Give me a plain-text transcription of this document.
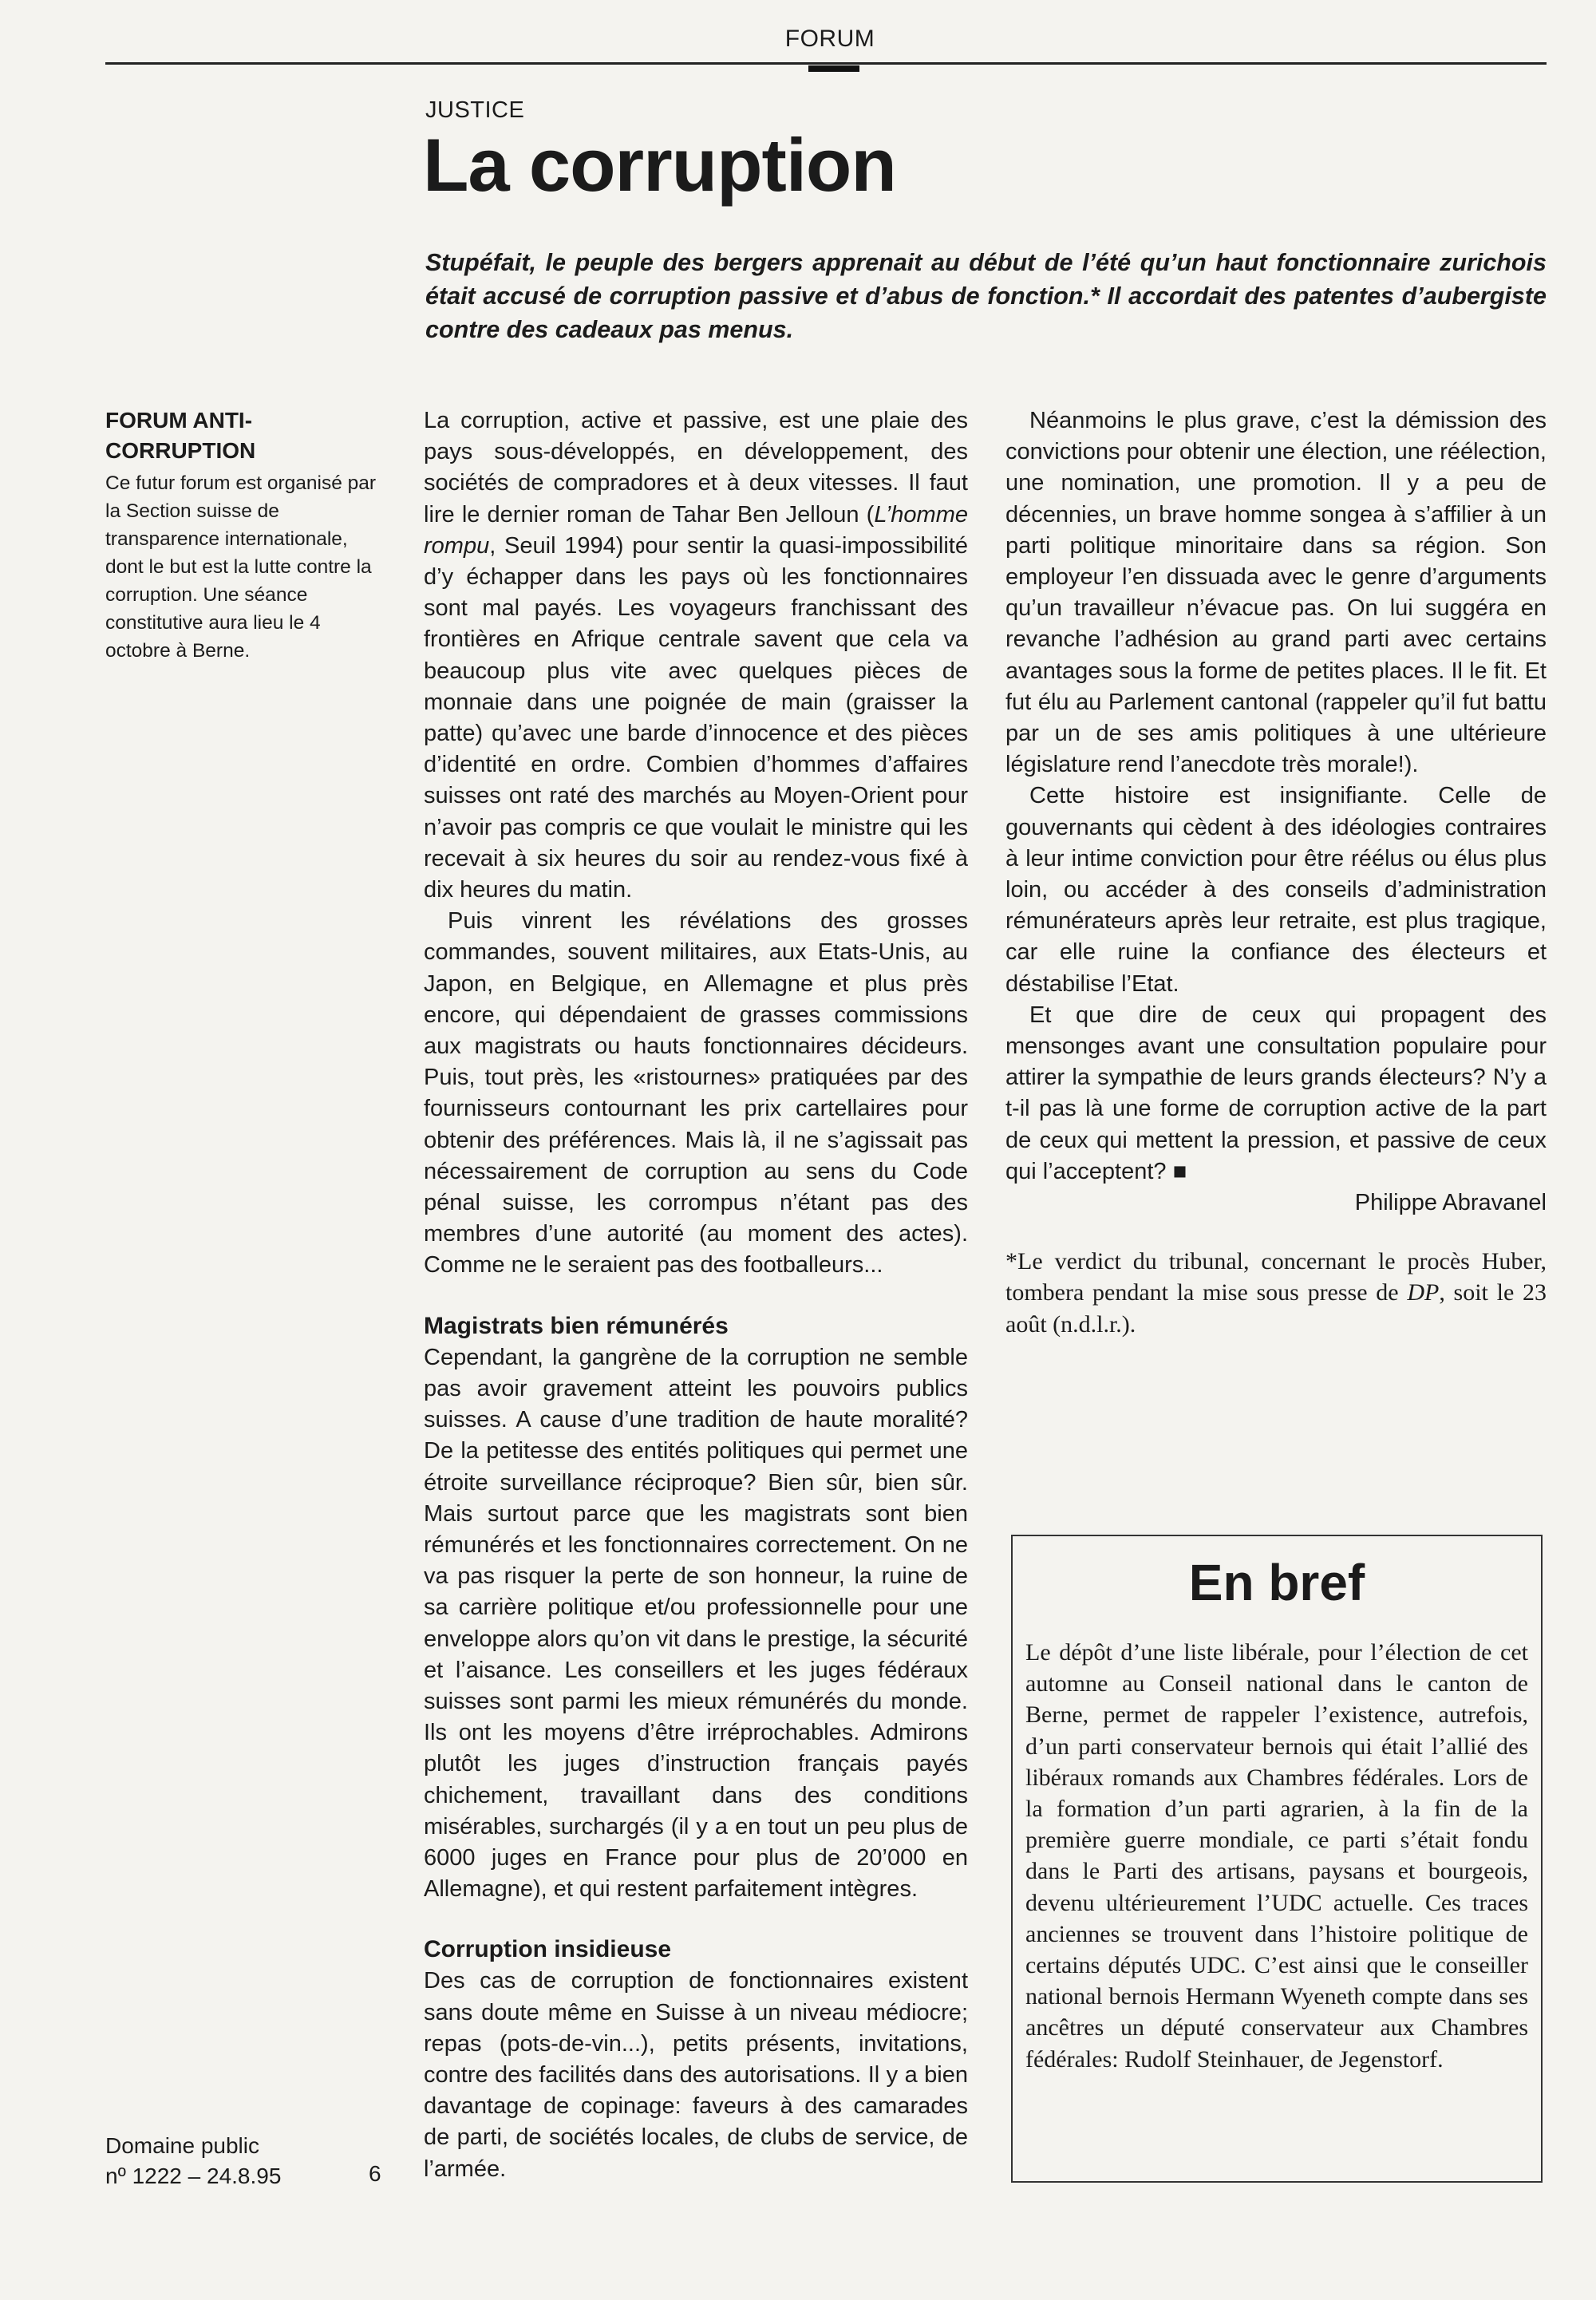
FORUM
JUSTICE
La corruption

Stupéfait, le peuple des bergers apprenait au début de l’été qu’un haut fonctionnaire zurichois était accusé de corruption passive et d’abus de fonction.* Il accordait des patentes d’aubergiste contre des cadeaux pas menus.

FORUM ANTI-CORRUPTION

Ce futur forum est organisé par la Section suisse de transparence internationale, dont le but est la lutte contre la corruption. Une séance constitutive aura lieu le 4 octobre à Berne.

La corruption, active et passive, est une plaie des pays sous-développés, en développement, des sociétés de compradores et à deux vitesses. Il faut lire le dernier roman de Tahar Ben Jelloun (L’homme rompu, Seuil 1994) pour sentir la quasi-impossibilité d’y échapper dans les pays où les fonctionnaires sont mal payés. Les voyageurs franchissant des frontières en Afrique centrale savent que cela va beaucoup plus vite avec quelques pièces de monnaie dans une poignée de main (graisser la patte) qu’avec une barde d’innocence et des pièces d’identité en ordre. Combien d’hommes d’affaires suisses ont raté des marchés au Moyen-Orient pour n’avoir pas compris ce que voulait le ministre qui les recevait à six heures du soir au rendez-vous fixé à dix heures du matin.

Puis vinrent les révélations des grosses commandes, souvent militaires, aux Etats-Unis, au Japon, en Belgique, en Allemagne et plus près encore, qui dépendaient de grasses commissions aux magistrats ou hauts fonctionnaires décideurs. Puis, tout près, les «ristournes» pratiquées par des fournisseurs contournant les prix cartellaires pour obtenir des préférences. Mais là, il ne s’agissait pas nécessairement de corruption au sens du Code pénal suisse, les corrompus n’étant pas des membres d’une autorité (au moment des actes). Comme ne le seraient pas des footballeurs...

Magistrats bien rémunérés

Cependant, la gangrène de la corruption ne semble pas avoir gravement atteint les pouvoirs publics suisses. A cause d’une tradition de haute moralité? De la petitesse des entités politiques qui permet une étroite surveillance réciproque? Bien sûr, bien sûr. Mais surtout parce que les magistrats sont bien rémunérés et les fonctionnaires correctement. On ne va pas risquer la perte de son honneur, la ruine de sa carrière politique et/ou professionnelle pour une enveloppe alors qu’on vit dans le prestige, la sécurité et l’aisance. Les conseillers et les juges fédéraux suisses sont parmi les mieux rémunérés du monde. Ils ont les moyens d’être irréprochables. Admirons plutôt les juges d’instruction français payés chichement, travaillant dans des conditions misérables, surchargés (il y a en tout un peu plus de 6000 juges en France pour plus de 20’000 en Allemagne), et qui restent parfaitement intègres.

Corruption insidieuse

Des cas de corruption de fonctionnaires existent sans doute même en Suisse à un niveau médiocre; repas (pots-de-vin...), petits présents, invitations, contre des facilités dans des autorisations. Il y a bien davantage de copinage: faveurs à des camarades de parti, de sociétés locales, de clubs de service, de l’armée.

Néanmoins le plus grave, c’est la démission des convictions pour obtenir une élection, une réélection, une nomination, une promotion. Il y a peu de décennies, un brave homme songea à s’affilier à un parti politique minoritaire dans sa région. Son employeur l’en dissuada avec le genre d’arguments qu’un travailleur n’évacue pas. On lui suggéra en revanche l’adhésion au grand parti avec certains avantages sous la forme de petites places. Il le fit. Et fut élu au Parlement cantonal (rappeler qu’il fut battu par un de ses amis politiques à une ultérieure législature rend l’anecdote très morale!).

Cette histoire est insignifiante. Celle de gouvernants qui cèdent à des idéologies contraires à leur intime conviction pour être réélus ou élus plus loin, ou accéder à des conseils d’administration rémunérateurs après leur retraite, est plus tragique, car elle ruine la confiance des électeurs et déstabilise l’Etat.

Et que dire de ceux qui propagent des mensonges avant une consultation populaire pour attirer la sympathie de leurs grands électeurs? N’y a t-il pas là une forme de corruption active de la part de ceux qui mettent la pression, et passive de ceux qui l’acceptent? ■

Philippe Abravanel

*Le verdict du tribunal, concernant le procès Huber, tombera pendant la mise sous presse de DP, soit le 23 août (n.d.l.r.).

En bref

Le dépôt d’une liste libérale, pour l’élection de cet automne au Conseil national dans le canton de Berne, permet de rappeler l’existence, autrefois, d’un parti conservateur bernois qui était l’allié des libéraux romands aux Chambres fédérales. Lors de la formation d’un parti agrarien, à la fin de la première guerre mondiale, ce parti s’était fondu dans le Parti des artisans, paysans et bourgeois, devenu ultérieurement l’UDC actuelle. Ces traces anciennes se trouvent dans l’histoire politique de certains députés UDC. C’est ainsi que le conseiller national bernois Hermann Wyeneth compte dans ses ancêtres un député conservateur aux Chambres fédérales: Rudolf Steinhauer, de Jegenstorf.

Domaine public
nº 1222 – 24.8.95	6
